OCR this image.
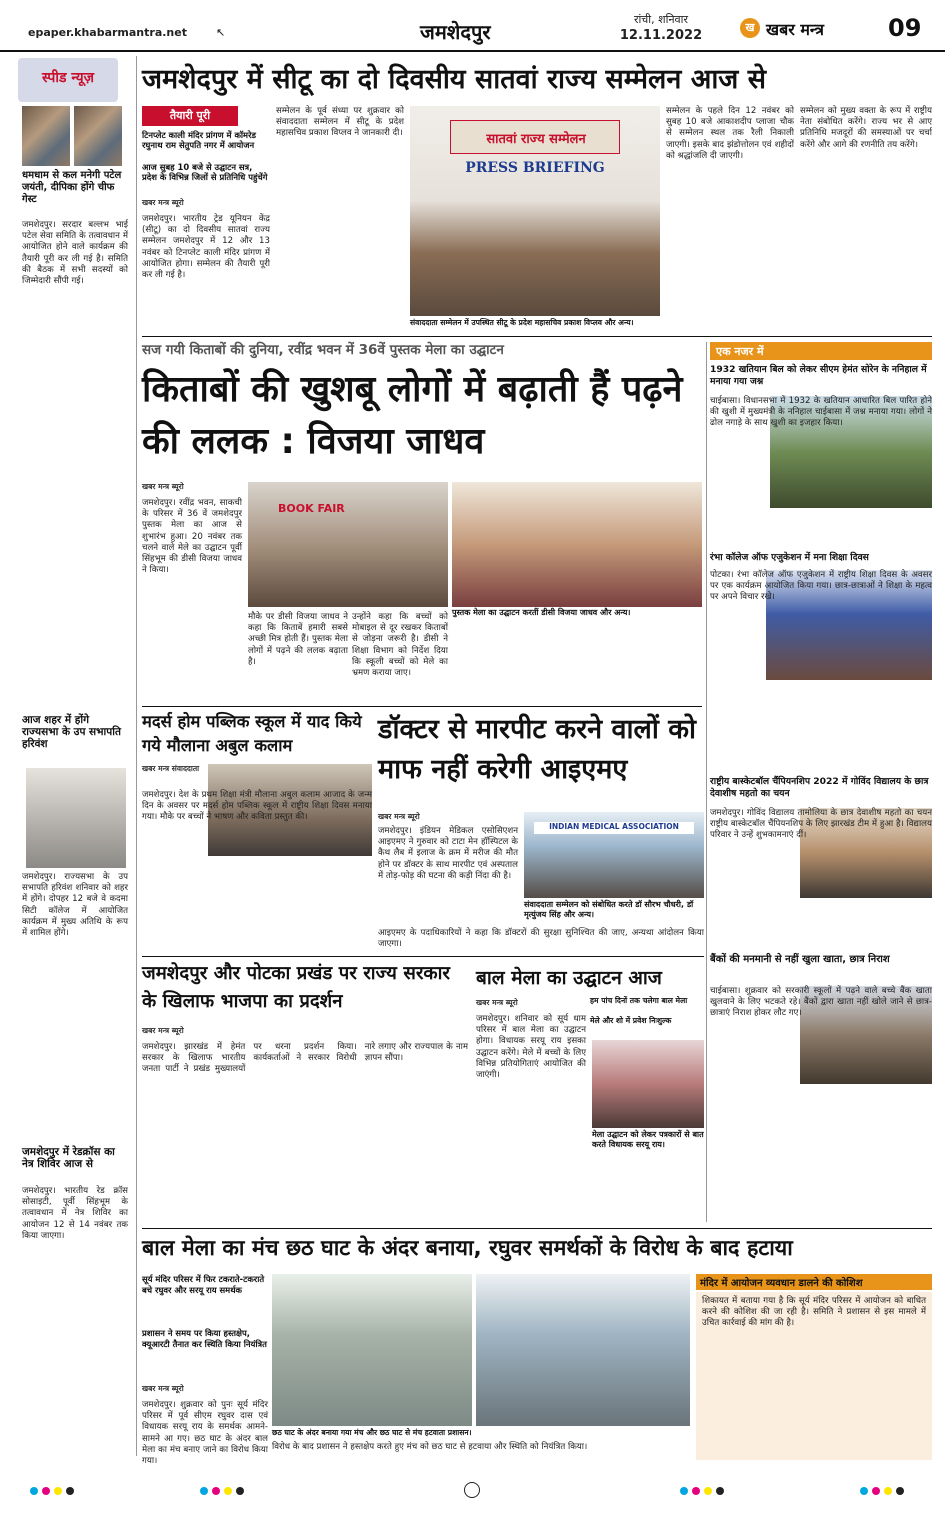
epaper.khabarmantra.net	↖	जमशेदपुर
रांची, शनिवार
12.11.2022
ख खबर मन्त्र	09
स्पीड न्यूज़
धमधाम से कल मनेगी पटेल जयंती, दीपिका होंगे चीफ गेस्ट
जमशेदपुर। सरदार बल्लभ भाई पटेल सेवा समिति के तत्वावधान में आयोजित होने वाले कार्यक्रम की तैयारी पूरी कर ली गई है। समिति की बैठक में सभी सदस्यों को जिम्मेदारी सौंपी गई।
आज शहर में होंगे राज्यसभा के उप सभापति हरिवंश
जमशेदपुर। राज्यसभा के उप सभापति हरिवंश शनिवार को शहर में होंगे। दोपहर 12 बजे वे कदमा सिटी कॉलेज में आयोजित कार्यक्रम में मुख्य अतिथि के रूप में शामिल होंगे।
जमशेदपुर में रेडक्रॉस का नेत्र शिविर आज से
जमशेदपुर। भारतीय रेड क्रॉस सोसाइटी, पूर्वी सिंहभूम के तत्वावधान में नेत्र शिविर का आयोजन 12 से 14 नवंबर तक किया जाएगा।
जमशेदपुर में सीटू का दो दिवसीय सातवां राज्य सम्मेलन आज से
तैयारी पूरी
टिनप्लेट काली मंदिर प्रांगण में कॉमरेड रघुनाथ राम सेतुपति नगर में आयोजन
आज सुबह 10 बजे से उद्घाटन सत्र, प्रदेश के विभिन्न जिलों से प्रतिनिधि पहुंचेंगे
खबर मन्त्र ब्यूरो
जमशेदपुर। भारतीय ट्रेड यूनियन केंद्र (सीटू) का दो दिवसीय सातवां राज्य सम्मेलन जमशेदपुर में 12 और 13 नवंबर को टिनप्लेट काली मंदिर प्रांगण में आयोजित होगा। सम्मेलन की तैयारी पूरी कर ली गई है।
सम्मेलन के पूर्व संध्या पर शुक्रवार को संवाददाता सम्मेलन में सीटू के प्रदेश महासचिव प्रकाश विप्लव ने जानकारी दी।	सातवां राज्य सम्मेलन
PRESS BRIEFING
संवाददाता सम्मेलन में उपस्थित सीटू के प्रदेश महासचिव प्रकाश विप्लव और अन्य।
सम्मेलन के पहले दिन 12 नवंबर को सुबह 10 बजे आकाशदीप प्लाजा चौक से सम्मेलन स्थल तक रैली निकाली जाएगी। इसके बाद झंडोत्तोलन एवं शहीदों को श्रद्धांजलि दी जाएगी।
सम्मेलन को मुख्य वक्ता के रूप में राष्ट्रीय नेता संबोधित करेंगे। राज्य भर से आए प्रतिनिधि मजदूरों की समस्याओं पर चर्चा करेंगे और आगे की रणनीति तय करेंगे।
सज गयी किताबों की दुनिया, रवींद्र भवन में 36वें पुस्तक मेला का उद्घाटन
किताबों की खुशबू लोगों में बढ़ाती हैं पढ़ने की ललक : विजया जाधव
खबर मन्त्र ब्यूरो
जमशेदपुर। रवींद्र भवन, साकची के परिसर में 36 वें जमशेदपुर पुस्तक मेला का आज से शुभारंभ हुआ। 20 नवंबर तक चलने वाले मेले का उद्घाटन पूर्वी सिंहभूम की डीसी विजया जाधव ने किया।
BOOK FAIR
पुस्तक मेला का उद्घाटन करतीं डीसी विजया जाधव और अन्य।
मौके पर डीसी विजया जाधव ने कहा कि किताबें हमारी सबसे अच्छी मित्र होती हैं। पुस्तक मेला लोगों में पढ़ने की ललक बढ़ाता है।
उन्होंने कहा कि बच्चों को मोबाइल से दूर रखकर किताबों से जोड़ना जरूरी है। डीसी ने शिक्षा विभाग को निर्देश दिया कि स्कूली बच्चों को मेले का भ्रमण कराया जाए।
मदर्स होम पब्लिक स्कूल में याद किये गये मौलाना अबुल कलाम
खबर मन्त्र संवाददाता
जमशेदपुर। देश के प्रथम शिक्षा मंत्री मौलाना अबुल कलाम आजाद के जन्म दिन के अवसर पर मदर्स होम पब्लिक स्कूल में राष्ट्रीय शिक्षा दिवस मनाया गया। मौके पर बच्चों ने भाषण और कविता प्रस्तुत की।
डॉक्टर से मारपीट करने वालों को माफ नहीं करेगी आइएमए
खबर मन्त्र ब्यूरो
जमशेदपुर। इंडियन मेडिकल एसोसिएशन आइएमए ने गुरुवार को टाटा मेन हॉस्पिटल के कैथ लैब में इलाज के क्रम में मरीज की मौत होने पर डॉक्टर के साथ मारपीट एवं अस्पताल में तोड़-फोड़ की घटना की कड़ी निंदा की है।
INDIAN MEDICAL ASSOCIATION
संवाददाता सम्मेलन को संबोधित करते डॉ सौरभ चौधरी, डॉ मृत्युंजय सिंह और अन्य।
आइएमए के पदाधिकारियों ने कहा कि डॉक्टरों की सुरक्षा सुनिश्चित की जाए, अन्यथा आंदोलन किया जाएगा।
जमशेदपुर और पोटका प्रखंड पर राज्य सरकार के खिलाफ भाजपा का प्रदर्शन
खबर मन्त्र ब्यूरो
जमशेदपुर। झारखंड में हेमंत सरकार के खिलाफ भारतीय जनता पार्टी ने प्रखंड मुख्यालयों पर धरना प्रदर्शन किया। कार्यकर्ताओं ने सरकार विरोधी नारे लगाए और राज्यपाल के नाम ज्ञापन सौंपा।
बाल मेला का उद्घाटन आज
हम पांच दिनों तक चलेगा बाल मेला
मेले और शो में प्रवेश निःशुल्क
खबर मन्त्र ब्यूरो
जमशेदपुर। शनिवार को सूर्य धाम परिसर में बाल मेला का उद्घाटन होगा। विधायक सरयू राय इसका उद्घाटन करेंगे। मेले में बच्चों के लिए विभिन्न प्रतियोगिताएं आयोजित की जाएंगी।
मेला उद्घाटन को लेकर पत्रकारों से बात करते विधायक सरयू राय।
एक नजर में
1932 खतियान बिल को लेकर सीएम हेमंत सोरेन के ननिहाल में मनाया गया जश्न
चाईबासा। विधानसभा में 1932 के खतियान आधारित बिल पारित होने की खुशी में मुख्यमंत्री के ननिहाल चाईबासा में जश्न मनाया गया। लोगों ने ढोल नगाड़े के साथ खुशी का इजहार किया।
रंभा कॉलेज ऑफ एजुकेशन में मना शिक्षा दिवस
पोटका। रंभा कॉलेज ऑफ एजुकेशन में राष्ट्रीय शिक्षा दिवस के अवसर पर एक कार्यक्रम आयोजित किया गया। छात्र-छात्राओं ने शिक्षा के महत्व पर अपने विचार रखे।
राष्ट्रीय बास्केटबॉल चैंपियनशिप 2022 में गोविंद विद्यालय के छात्र देवाशीष महतो का चयन
जमशेदपुर। गोविंद विद्यालय तामोलिया के छात्र देवाशीष महतो का चयन राष्ट्रीय बास्केटबॉल चैंपियनशिप के लिए झारखंड टीम में हुआ है। विद्यालय परिवार ने उन्हें शुभकामनाएं दीं।
बैंकों की मनमानी से नहीं खुला खाता, छात्र निराश
चाईबासा। शुक्रवार को सरकारी स्कूलों में पढ़ने वाले बच्चे बैंक खाता खुलवाने के लिए भटकते रहे। बैंकों द्वारा खाता नहीं खोले जाने से छात्र-छात्राएं निराश होकर लौट गए।
बाल मेला का मंच छठ घाट के अंदर बनाया, रघुवर समर्थकों के विरोध के बाद हटाया
सूर्य मंदिर परिसर में फिर टकराते-टकराते बचे रघुवर और सरयू राय समर्थक
प्रशासन ने समय पर किया हस्तक्षेप, क्यूआरटी तैनात कर स्थिति किया नियंत्रित
छठ घाट के अंदर बनाया गया मंच और छठ घाट से मंच हटवाता प्रशासन।
खबर मन्त्र ब्यूरो
जमशेदपुर। शुक्रवार को पुनः सूर्य मंदिर परिसर में पूर्व सीएम रघुवर दास एवं विधायक सरयू राय के समर्थक आमने-सामने आ गए। छठ घाट के अंदर बाल मेला का मंच बनाए जाने का विरोध किया गया।
विरोध के बाद प्रशासन ने हस्तक्षेप करते हुए मंच को छठ घाट से हटवाया और स्थिति को नियंत्रित किया।
मंदिर में आयोजन व्यवधान डालने की कोशिश
शिकायत में बताया गया है कि सूर्य मंदिर परिसर में आयोजन को बाधित करने की कोशिश की जा रही है। समिति ने प्रशासन से इस मामले में उचित कार्रवाई की मांग की है।
